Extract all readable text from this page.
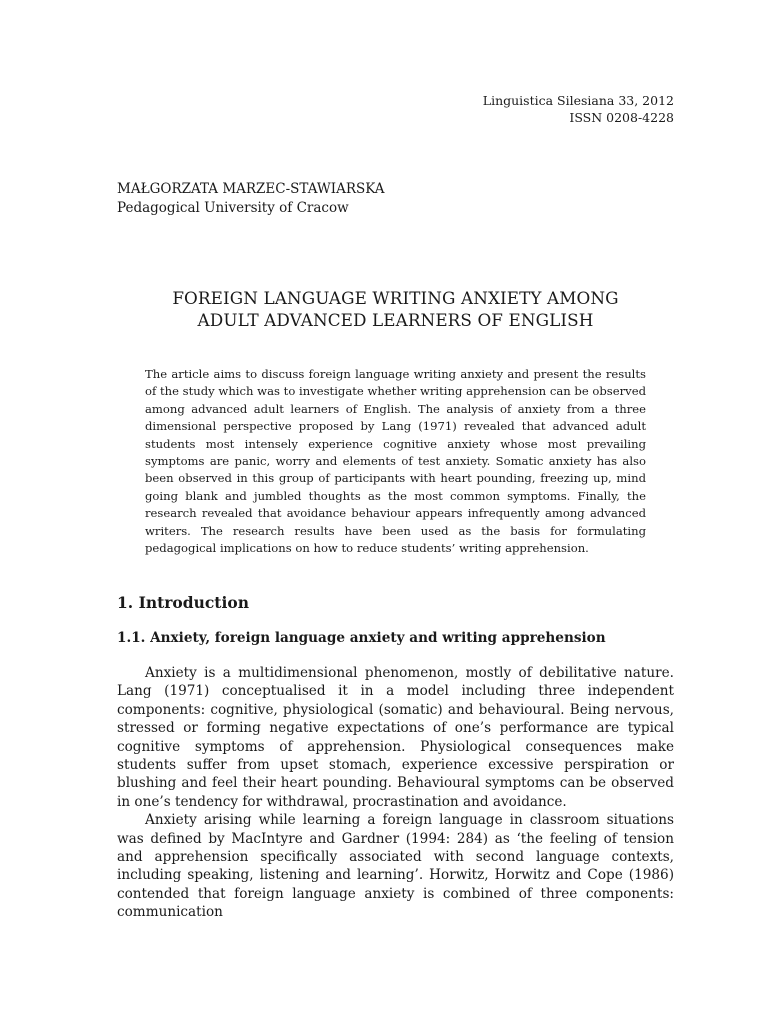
Linguistica Silesiana 33, 2012
ISSN 0208-4228
MAŁGORZATA MARZEC-STAWIARSKA
Pedagogical University of Cracow
FOREIGN LANGUAGE WRITING ANXIETY AMONG
ADULT ADVANCED LEARNERS OF ENGLISH
The article aims to discuss foreign language writing anxiety and present the results of the study which was to investigate whether writing apprehension can be observed among advanced adult learners of English. The analysis of anxiety from a three dimensional perspective proposed by Lang (1971) revealed that advanced adult students most intensely experience cognitive anxiety whose most prevailing symptoms are panic, worry and elements of test anxiety. Somatic anxiety has also been observed in this group of participants with heart pounding, freezing up, mind going blank and jumbled thoughts as the most common symptoms. Finally, the research revealed that avoidance behaviour appears infrequently among advanced writers. The research results have been used as the basis for formulating pedagogical implications on how to reduce students’ writing apprehension.
1. Introduction
1.1. Anxiety, foreign language anxiety and writing apprehension

Anxiety is a multidimensional phenomenon, mostly of debilitative nature. Lang (1971) conceptualised it in a model including three independent components: cognitive, physiological (somatic) and behavioural. Being nervous, stressed or forming negative expectations of one’s performance are typical cognitive symptoms of apprehension. Physiological consequences make students suffer from upset stomach, experience excessive perspiration or blushing and feel their heart pounding. Behavioural symptoms can be observed in one’s tendency for withdrawal, procrastination and avoidance.

Anxiety arising while learning a foreign language in classroom situations was defined by MacIntyre and Gardner (1994: 284) as ‘the feeling of tension and apprehension specifically associated with second language contexts, including speaking, listening and learning’. Horwitz, Horwitz and Cope (1986) contended that foreign language anxiety is combined of three components: communication
